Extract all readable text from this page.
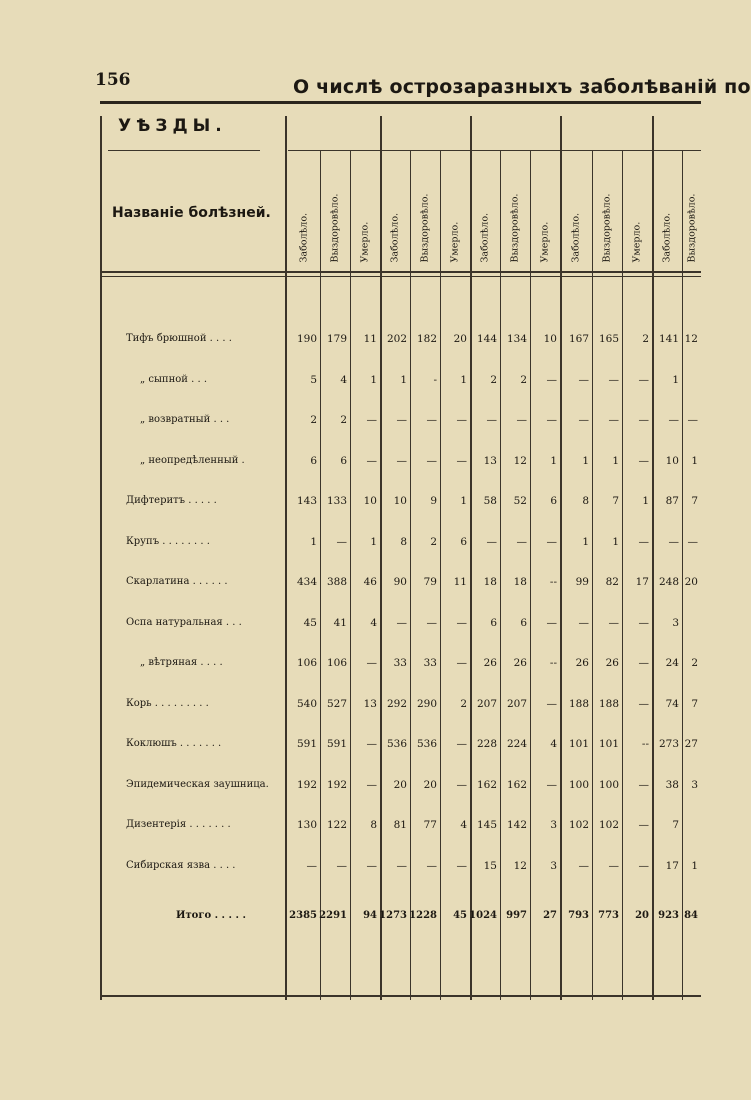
156	О числѣ острозаразныхъ заболѣваній по
УѢЗДЫ.
Названіе болѣзней.	Заболѣло. Выздоровѣло. Умерло. Заболѣло. Выздоровѣло. Умерло. Заболѣло. Выздоровѣло. Умерло. Заболѣло. Выздоровѣло. Умерло. Заболѣло. Выздоровѣло.
Тифъ брюшной . . . .	190 179	11 202 182	20 144 134	10	167 165	2 141 12
„ сыпной . . .	5	4	1	1	-	1	2	2	—	—	—	—	1
„ возвратный . . .	2	2	—	—	—	—	—	—	—	—	—	—	— —
„ неопредѣленный .	6	6	—	—	—	—	13	12	1	1	1	—	10	1
Дифтеритъ . . . . .	143 133	10	10	9	1	58	52	6	8	7	1	87	7
Крупъ . . . . . . . .	1	—	1	8	2	6	—	—	—	1	1	—	— —
Скарлатина . . . . . .	434 388	46	90	79	11	18	18	--	99	82	17 248 20
Оспа натуральная . . .	45	41	4	—	—	—	6	6	—	—	—	—	3
„ вѣтряная . . . .	106 106	—	33	33	—	26	26	--	26	26	—	24	2
Корь . . . . . . . . .	540 527	13 292 290	2 207 207	—	188 188	—	74	7
Коклюшъ . . . . . . .	591 591	— 536 536	— 228 224	4	101 101	-- 273 27
Эпидемическая заушница.	192 192	—	20	20	— 162 162	—	100 100	—	38	3
Дизентерія . . . . . . .	130 122	8	81	77	4 145 142	3	102 102	—	7
Сибирская язва . . . .	—	—	—	—	—	—	15	12	3	—	—	—	17	1
Итого . . . . .	2385 2291	94 1273 1228	45 1024 997	27	793 773	20 923 84
